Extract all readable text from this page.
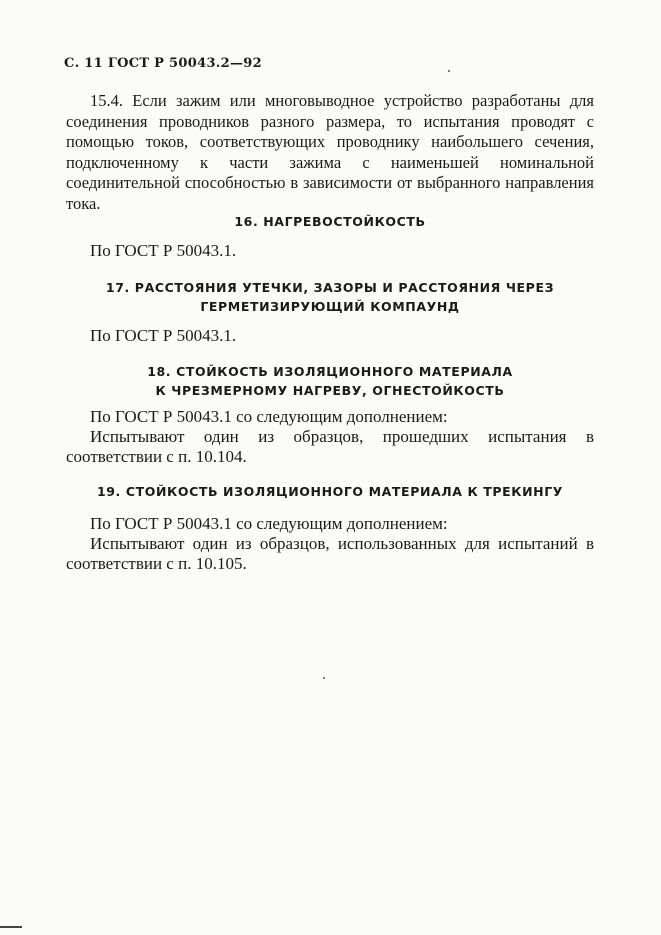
С. 11 ГОСТ Р 50043.2—92

15.4. Если зажим или многовыводное устройство разработаны для соединения проводников разного размера, то испытания проводят с помощью токов, соответствующих проводнику наибольшего сечения, подключенному к части зажима с наименьшей номинальной соединительной способностью в зависимости от выбранного направления тока.

16. НАГРЕВОСТОЙКОСТЬ
По ГОСТ Р 50043.1.
17. РАССТОЯНИЯ УТЕЧКИ, ЗАЗОРЫ И РАССТОЯНИЯ ЧЕРЕЗ
ГЕРМЕТИЗИРУЮЩИЙ КОМПАУНД
По ГОСТ Р 50043.1.
18. СТОЙКОСТЬ ИЗОЛЯЦИОННОГО МАТЕРИАЛА
К ЧРЕЗМЕРНОМУ НАГРЕВУ, ОГНЕСТОЙКОСТЬ
По ГОСТ Р 50043.1 со следующим дополнением:
Испытывают один из образцов, прошедших испытания в соответствии с п. 10.104.
19. СТОЙКОСТЬ ИЗОЛЯЦИОННОГО МАТЕРИАЛА К ТРЕКИНГУ
По ГОСТ Р 50043.1 со следующим дополнением:
Испытывают один из образцов, использованных для испытаний в соответствии с п. 10.105.
